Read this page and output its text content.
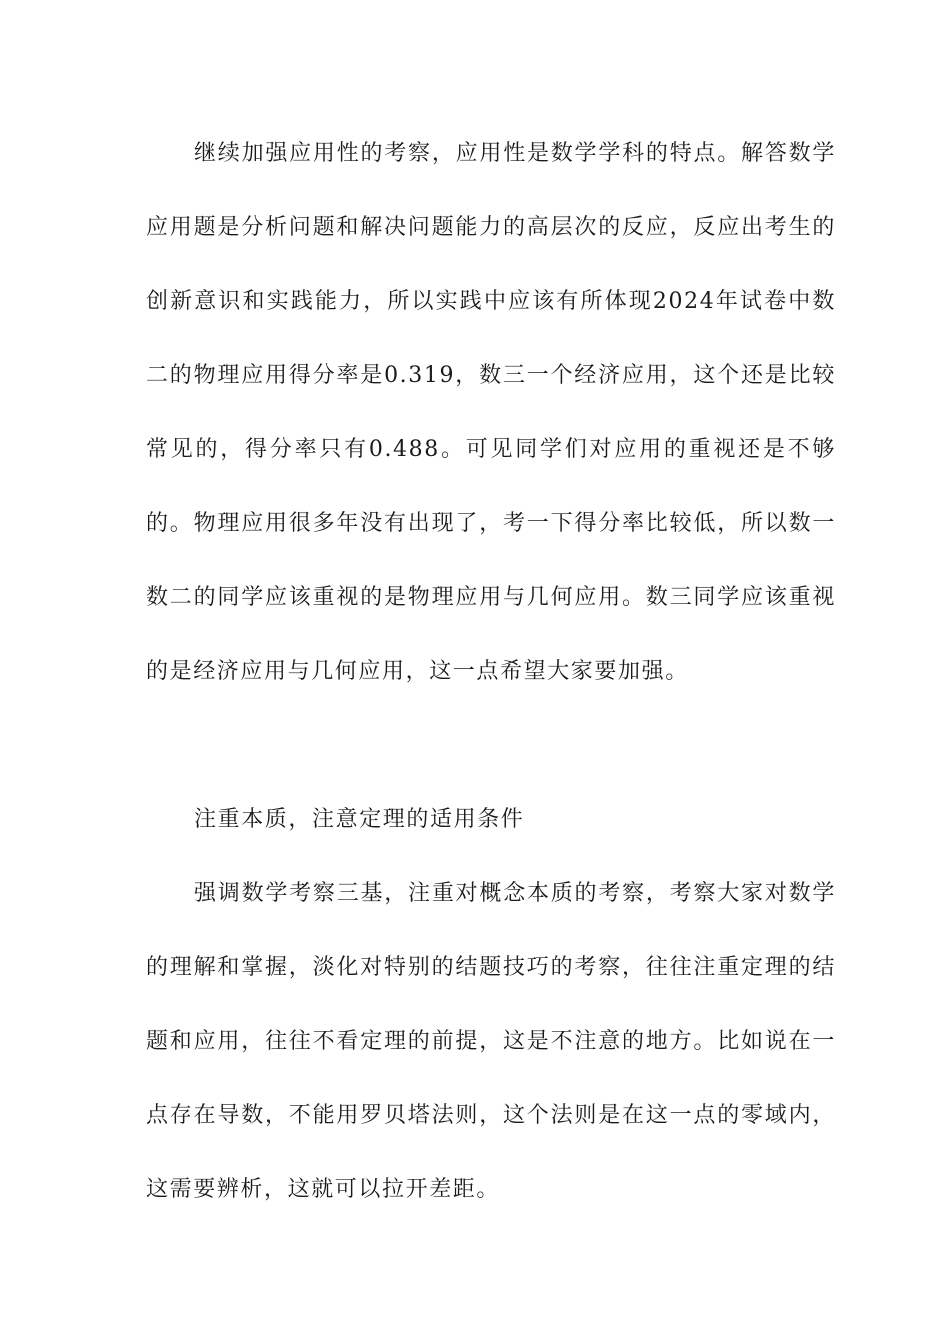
继续加强应用性的考察，应用性是数学学科的特点。解答数学应用题是分析问题和解决问题能力的高层次的反应，反应出考生的创新意识和实践能力，所以实践中应该有所体现2024年试卷中数二的物理应用得分率是0.319，数三一个经济应用，这个还是比较常见的，得分率只有0.488。可见同学们对应用的重视还是不够的。物理应用很多年没有出现了，考一下得分率比较低，所以数一数二的同学应该重视的是物理应用与几何应用。数三同学应该重视的是经济应用与几何应用，这一点希望大家要加强。

注重本质，注意定理的适用条件

强调数学考察三基，注重对概念本质的考察，考察大家对数学的理解和掌握，淡化对特别的结题技巧的考察，往往注重定理的结题和应用，往往不看定理的前提，这是不注意的地方。比如说在一点存在导数，不能用罗贝塔法则，这个法则是在这一点的零域内，这需要辨析，这就可以拉开差距。
